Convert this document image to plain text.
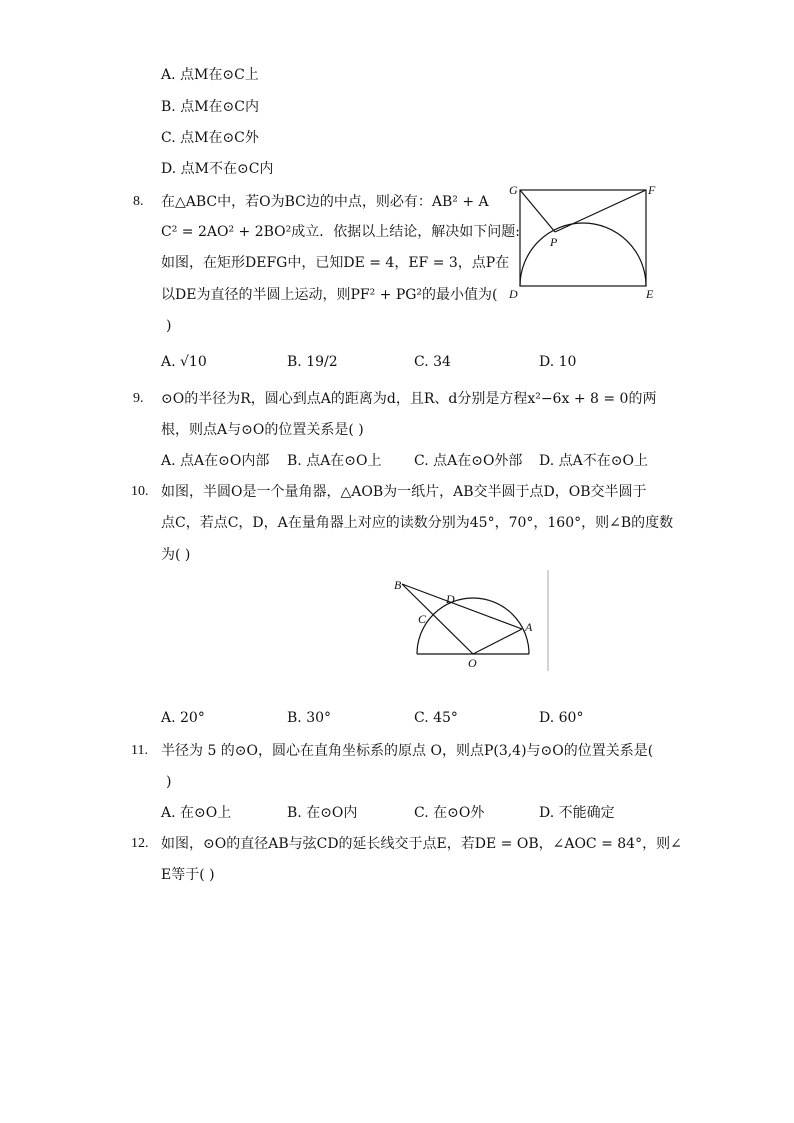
A. 点M在⊙C上
B. 点M在⊙C内
C. 点M在⊙C外
D. 点M不在⊙C内
8. 在△ABC中，若O为BC边的中点，则必有：AB² + A
C² = 2AO² + 2BO²成立．依据以上结论，解决如下问题:
如图，在矩形DEFG中，已知DE = 4，EF = 3，点P在
以DE为直径的半圆上运动，则PF² + PG²的最小值为(
)
G	F
P
D	E
A. √10	B. 19/2	C. 34	D. 10
9. ⊙O的半径为R，圆心到点A的距离为d，且R、d分别是方程x²−6x + 8 = 0的两
根，则点A与⊙O的位置关系是( )
A. 点A在⊙O内部 B. 点A在⊙O上 C. 点A在⊙O外部 D. 点A不在⊙O上
10. 如图，半圆O是一个量角器，△AOB为一纸片，AB交半圆于点D，OB交半圆于
点C，若点C，D，A在量角器上对应的读数分别为45°，70°，160°，则∠B的度数
为( )
B
D
C
A
O
A. 20°	B. 30°	C. 45°	D. 60°
11. 半径为 5 的⊙O，圆心在直角坐标系的原点 O，则点P(3,4)与⊙O的位置关系是(
)
A. 在⊙O上	B. 在⊙O内	C. 在⊙O外	D. 不能确定
12. 如图，⊙O的直径AB与弦CD的延长线交于点E，若DE = OB，∠AOC = 84°，则∠
E等于( )
